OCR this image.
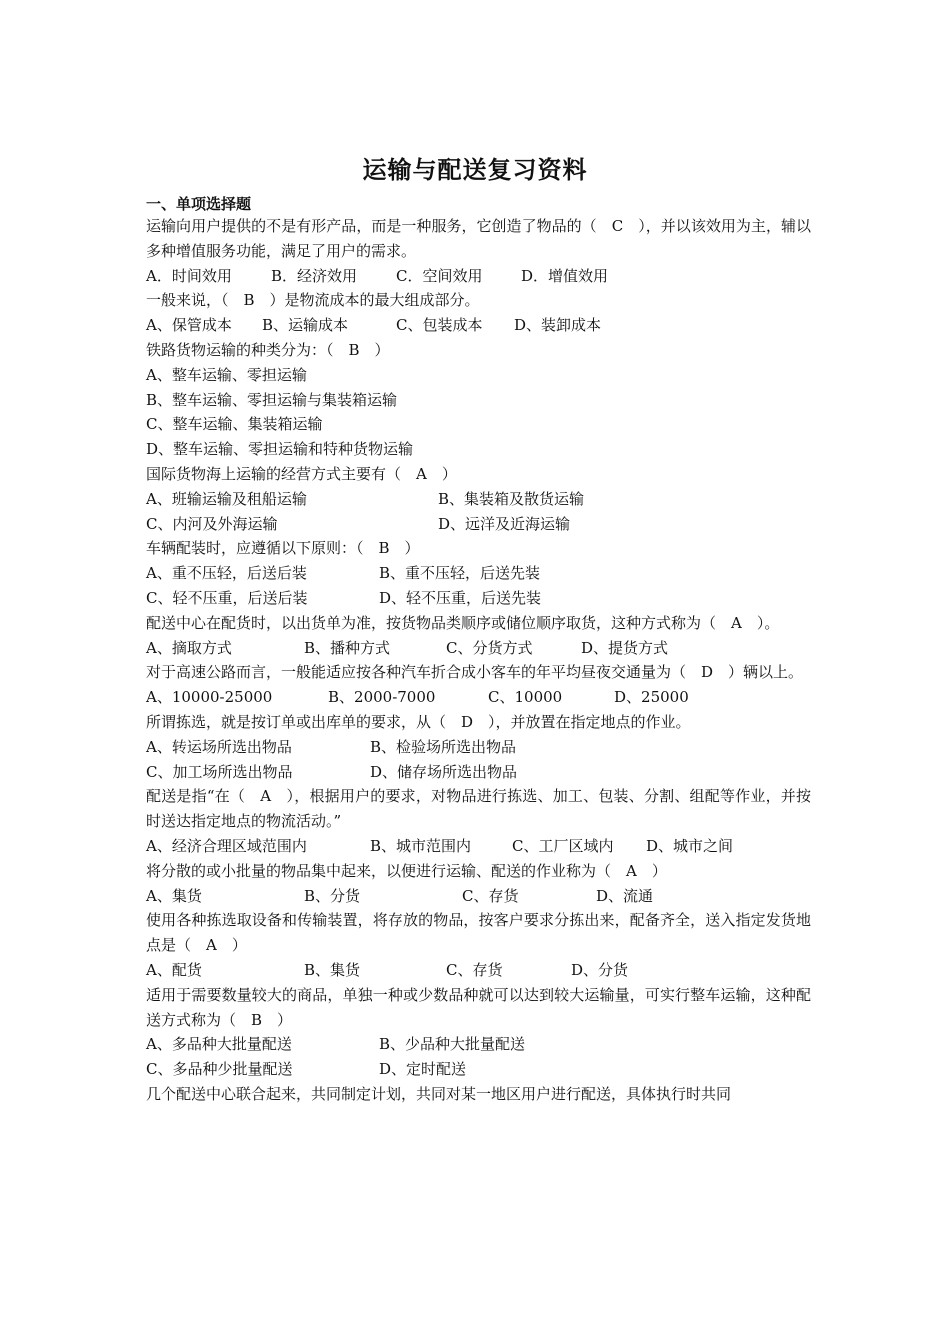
运输与配送复习资料
一、单项选择题
运输向用户提供的不是有形产品，而是一种服务，它创造了物品的（　C　），并以该效用为主，辅以多种增值服务功能，满足了用户的需求。
A．时间效用	B．经济效用	C．空间效用	D．增值效用
一般来说，（　B　）是物流成本的最大组成部分。
A、保管成本 B、运输成本	C、包装成本 D、装卸成本
铁路货物运输的种类分为：（　B　）
A、整车运输、零担运输
B、整车运输、零担运输与集装箱运输
C、整车运输、集装箱运输
D、整车运输、零担运输和特种货物运输
国际货物海上运输的经营方式主要有（　A　）
A、班输运输及租船运输	B、集装箱及散货运输
C、内河及外海运输	D、远洋及近海运输
车辆配装时，应遵循以下原则：（　B　）
A、重不压轻，后送后装	B、重不压轻，后送先装
C、轻不压重，后送后装	D、轻不压重，后送先装
配送中心在配货时，以出货单为准，按货物品类顺序或储位顺序取货，这种方式称为（　A　）。
A、摘取方式	B、播种方式	C、分货方式	D、提货方式
对于高速公路而言，一般能适应按各种汽车折合成小客车的年平均昼夜交通量为（　D　）辆以上。
A、10000-25000	B、2000-7000	C、10000	D、25000
所谓拣选，就是按订单或出库单的要求，从（　D　），并放置在指定地点的作业。
A、转运场所选出物品	B、检验场所选出物品
C、加工场所选出物品	D、储存场所选出物品
配送是指“在（　A　），根据用户的要求，对物品进行拣选、加工、包装、分割、组配等作业，并按时送达指定地点的物流活动。”
A、经济合理区域范围内	B、城市范围内	C、工厂区域内 D、城市之间
将分散的或小批量的物品集中起来，以便进行运输、配送的作业称为（　A　）
A、集货	B、分货	C、存货	D、流通
使用各种拣选取设备和传输装置，将存放的物品，按客户要求分拣出来，配备齐全，送入指定发货地点是（　A　）
A、配货	B、集货	C、存货	D、分货
适用于需要数量较大的商品，单独一种或少数品种就可以达到较大运输量，可实行整车运输，这种配送方式称为（　B　）
A、多品种大批量配送	B、少品种大批量配送
C、多品种少批量配送	D、定时配送
几个配送中心联合起来，共同制定计划，共同对某一地区用户进行配送，具体执行时共同
